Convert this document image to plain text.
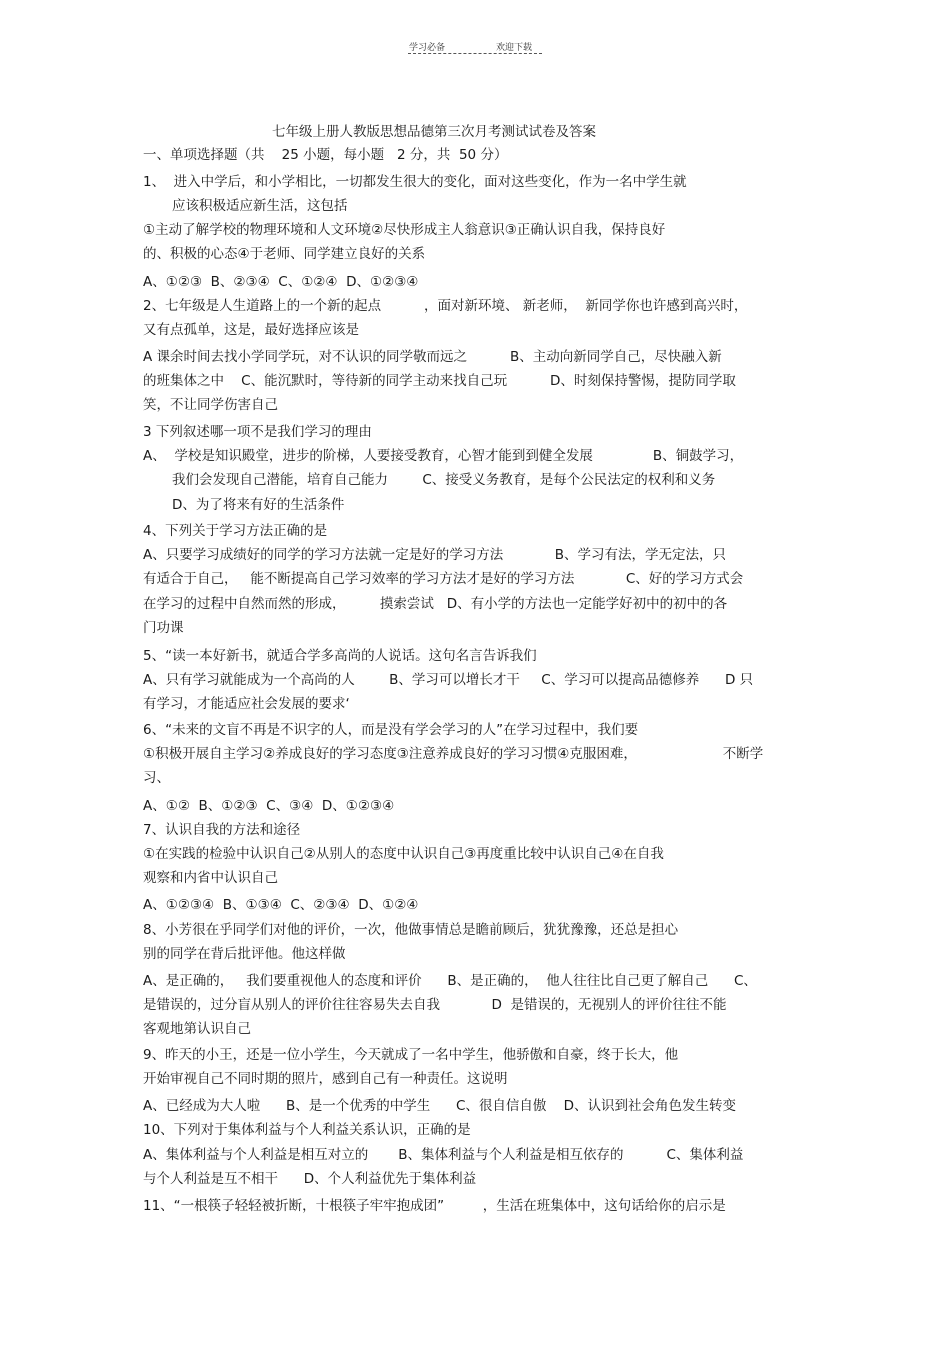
学习必备	欢迎下载
七年级上册人教版思想品德第三次月考测试试卷及答案
一、单项选择题（共    25 小题，每小题   2 分，共  50 分）
1、  进入中学后，和小学相比，一切都发生很大的变化，面对这些变化，作为一名中学生就
应该积极适应新生活，这包括
①主动了解学校的物理环境和人文环境②尽快形成主人翁意识③正确认识自我，保持良好
的、积极的心态④于老师、同学建立良好的关系
A、①②③  B、②③④  C、①②④  D、①②③④
2、七年级是人生道路上的一个新的起点          ，面对新环境、 新老师，  新同学你也许感到高兴时，
又有点孤单，这是，最好选择应该是
A 课余时间去找小学同学玩，对不认识的同学敬而远之          B、主动向新同学自己，尽快融入新
的班集体之中    C、能沉默时，等待新的同学主动来找自己玩          D、时刻保持警惕，提防同学取
笑，不让同学伤害自己
3 下列叙述哪一项不是我们学习的理由
A、  学校是知识殿堂，进步的阶梯，人要接受教育，心智才能到到健全发展              B、铜鼓学习，
我们会发现自己潜能，培育自己能力        C、接受义务教育，是每个公民法定的权利和义务
D、为了将来有好的生活条件
4、下列关于学习方法正确的是
A、只要学习成绩好的同学的学习方法就一定是好的学习方法            B、学习有法，学无定法，只
有适合于自己，   能不断提高自己学习效率的学习方法才是好的学习方法            C、好的学习方式会
在学习的过程中自然而然的形成，        摸索尝试   D、有小学的方法也一定能学好初中的初中的各
门功课
5、“读一本好新书，就适合学多高尚的人说话。这句名言告诉我们
A、只有学习就能成为一个高尚的人        B、学习可以增长才干     C、学习可以提高品德修养      D 只
有学习，才能适应社会发展的要求‘
6、“未来的文盲不再是不识字的人，而是没有学会学习的人”在学习过程中，我们要
①积极开展自主学习②养成良好的学习态度③注意养成良好的学习习惯④克服困难，                    不断学
习、
A、①②  B、①②③  C、③④  D、①②③④
7、认识自我的方法和途径
①在实践的检验中认识自己②从别人的态度中认识自己③再度重比较中认识自己④在自我
观察和内省中认识自己
A、①②③④  B、①③④  C、②③④  D、①②④
8、小芳很在乎同学们对他的评价，一次，他做事情总是瞻前顾后，犹犹豫豫，还总是担心
别的同学在背后批评他。他这样做
A、是正确的，   我们要重视他人的态度和评价      B、是正确的，  他人往往比自己更了解自己      C、
是错误的，过分盲从别人的评价往往容易失去自我            D  是错误的，无视别人的评价往往不能
客观地第认识自己
9、昨天的小王，还是一位小学生，今天就成了一名中学生，他骄傲和自豪，终于长大，他
开始审视自己不同时期的照片，感到自己有一种责任。这说明
A、已经成为大人啦      B、是一个优秀的中学生      C、很自信自傲    D、认识到社会角色发生转变
10、下列对于集体利益与个人利益关系认识，正确的是
A、集体利益与个人利益是相互对立的       B、集体利益与个人利益是相互依存的          C、集体利益
与个人利益是互不相干      D、个人利益优先于集体利益
11、“一根筷子轻轻被折断，十根筷子牢牢抱成团”         ，生活在班集体中，这句话给你的启示是
